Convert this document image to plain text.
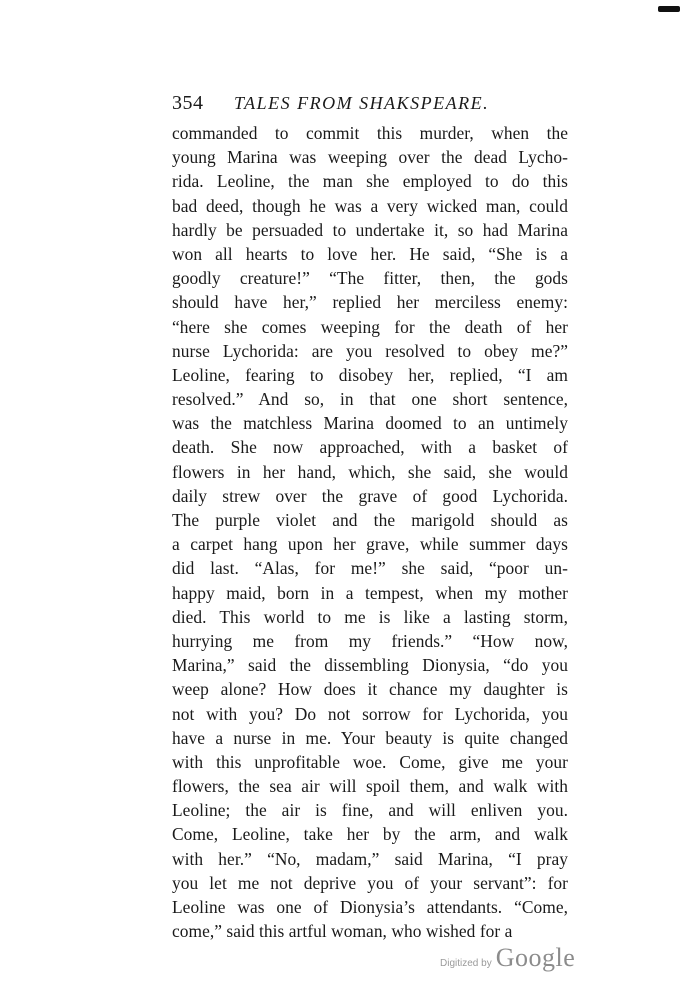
354 TALES FROM SHAKSPEARE.
commanded to commit this murder, when the
young Marina was weeping over the dead Lycho-
rida. Leoline, the man she employed to do this
bad deed, though he was a very wicked man, could
hardly be persuaded to undertake it, so had Marina
won all hearts to love her. He said, “She is a
goodly creature!” “The fitter, then, the gods
should have her,” replied her merciless enemy:
“here she comes weeping for the death of her
nurse Lychorida: are you resolved to obey me?”
Leoline, fearing to disobey her, replied, “I am
resolved.” And so, in that one short sentence,
was the matchless Marina doomed to an untimely
death. She now approached, with a basket of
flowers in her hand, which, she said, she would
daily strew over the grave of good Lychorida.
The purple violet and the marigold should as
a carpet hang upon her grave, while summer days
did last. “Alas, for me!” she said, “poor un-
happy maid, born in a tempest, when my mother
died. This world to me is like a lasting storm,
hurrying me from my friends.” “How now,
Marina,” said the dissembling Dionysia, “do you
weep alone? How does it chance my daughter is
not with you? Do not sorrow for Lychorida, you
have a nurse in me. Your beauty is quite changed
with this unprofitable woe. Come, give me your
flowers, the sea air will spoil them, and walk with
Leoline; the air is fine, and will enliven you.
Come, Leoline, take her by the arm, and walk
with her.” “No, madam,” said Marina, “I pray
you let me not deprive you of your servant”: for
Leoline was one of Dionysia’s attendants. “Come,
come,” said this artful woman, who wished for a
Digitized by Google
